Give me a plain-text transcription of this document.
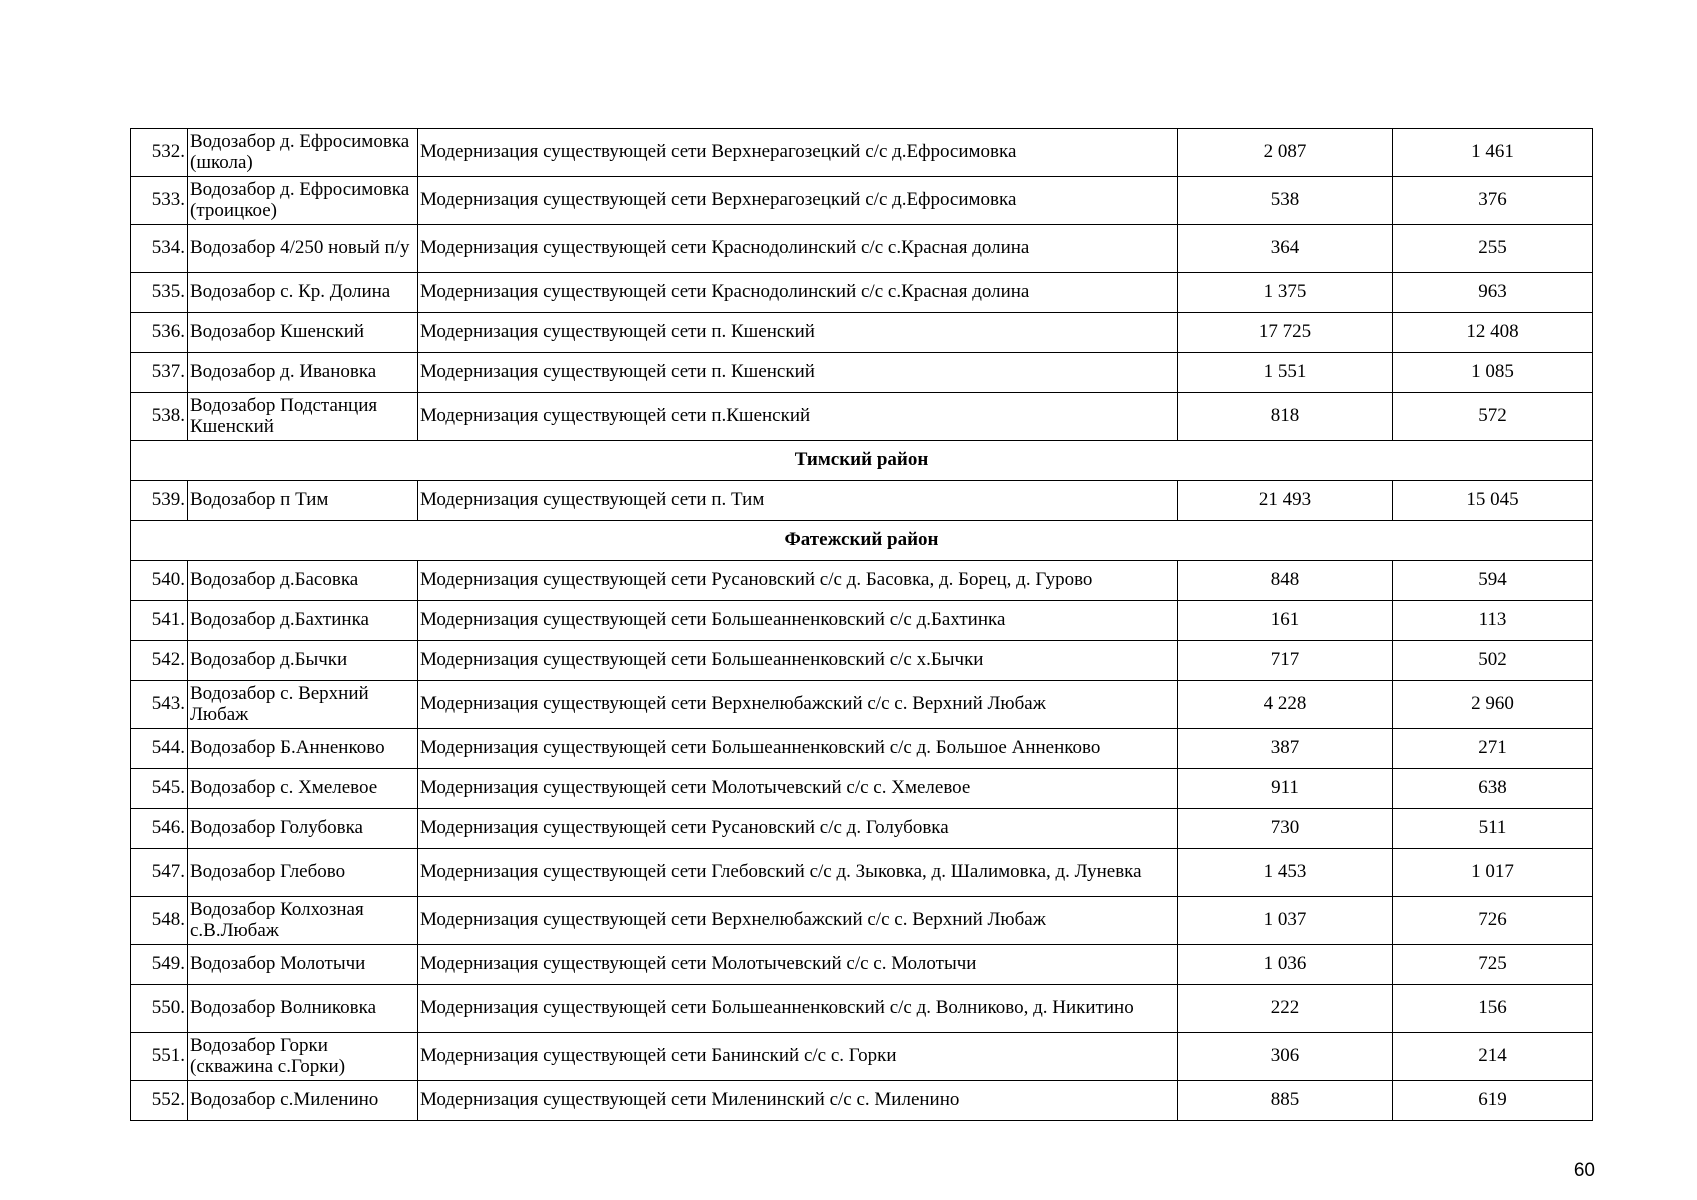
532.	Водозабор д. Ефросимовка (школа)	Модернизация существующей сети Верхнерагозецкий с/с д.Ефросимовка	2 087	1 461
533.	Водозабор д. Ефросимовка (троицкое)	Модернизация существующей сети Верхнерагозецкий с/с д.Ефросимовка	538	376
534.	Водозабор 4/250 новый п/у	Модернизация существующей сети Краснодолинский с/с с.Красная долина	364	255
535.	Водозабор с. Кр. Долина	Модернизация существующей сети Краснодолинский с/с с.Красная долина	1 375	963
536.	Водозабор Кшенский	Модернизация существующей сети п. Кшенский	17 725	12 408
537.	Водозабор д. Ивановка	Модернизация существующей сети п. Кшенский	1 551	1 085
538.	Водозабор Подстанция Кшенский	Модернизация существующей сети п.Кшенский	818	572
Тимский район				
539.	Водозабор п Тим	Модернизация существующей сети п. Тим	21 493	15 045
Фатежский район				
540.	Водозабор д.Басовка	Модернизация существующей сети Русановский с/с д. Басовка, д. Борец, д. Гурово	848	594
541.	Водозабор д.Бахтинка	Модернизация существующей сети Большеанненковский с/с д.Бахтинка	161	113
542.	Водозабор д.Бычки	Модернизация существующей сети Большеанненковский с/с х.Бычки	717	502
543.	Водозабор с. Верхний Любаж	Модернизация существующей сети Верхнелюбажский с/с с. Верхний Любаж	4 228	2 960
544.	Водозабор Б.Анненково	Модернизация существующей сети Большеанненковский с/с д. Большое Анненково	387	271
545.	Водозабор с. Хмелевое	Модернизация существующей сети Молотычевский с/с с. Хмелевое	911	638
546.	Водозабор Голубовка	Модернизация существующей сети Русановский с/с д. Голубовка	730	511
547.	Водозабор Глебово	Модернизация существующей сети Глебовский с/с д. Зыковка, д. Шалимовка, д. Луневка	1 453	1 017
548.	Водозабор Колхозная с.В.Любаж	Модернизация существующей сети Верхнелюбажский с/с с. Верхний Любаж	1 037	726
549.	Водозабор Молотычи	Модернизация существующей сети Молотычевский с/с с. Молотычи	1 036	725
550.	Водозабор Волниковка	Модернизация существующей сети Большеанненковский с/с д. Волниково, д. Никитино	222	156
551.	Водозабор Горки (скважина с.Горки)	Модернизация существующей сети Банинский с/с с. Горки	306	214
552.	Водозабор с.Миленино	Модернизация существующей сети Миленинский с/с с. Миленино	885	619
60
